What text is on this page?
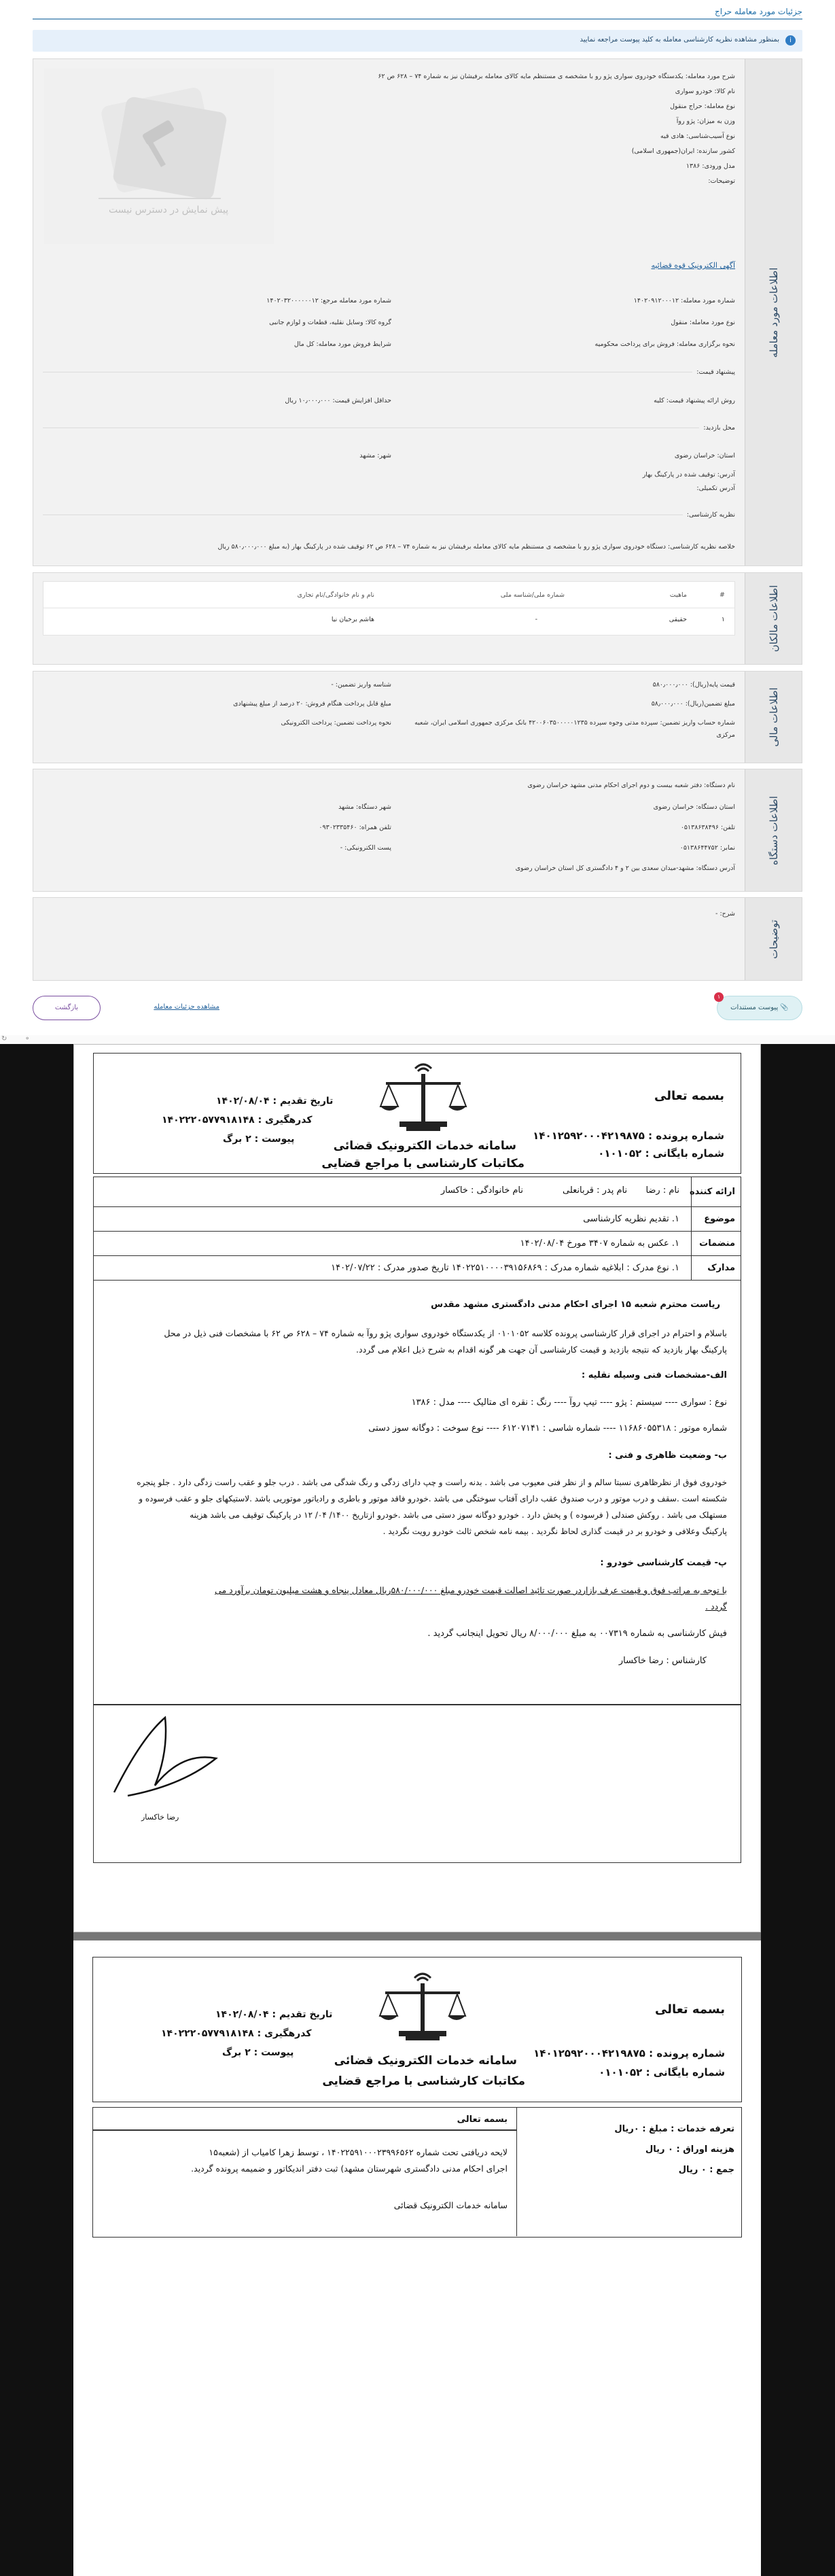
جزئیات مورد معامله حراج
i
بمنظور مشاهده نظریه کارشناسی معامله به کلید پیوست مراجعه نمایید
اطلاعات مورد معامله
پیش نمایش در دسترس نیست
شرح مورد معامله: یکدستگاه خودروی سواری پژو رو با مشخصه ی مستنظم مایه کالای معامله برفیشان نیز به شماره ۷۴ – ۶۲۸ ص ۶۲
نام کالا: خودرو سواری
نوع معامله: حراج منقول
وزن به میزان: پژو روآ
نوع آسیب‌شناسی: هادی قیه
کشور سازنده: ایران(جمهوری اسلامی)
مدل ورودی: ۱۳۸۶
توضیحات:
آگهی الکترونیک قوه قضائیه
شماره مورد معامله: ۱۴۰۲۰۹۱۲۰۰۰۱۲
شماره مورد معامله مرجع: ۱۴۰۲۰۳۲۰۰۰۰۰۰۱۲
نوع مورد معامله: منقول
گروه کالا: وسایل نقلیه، قطعات و لوازم جانبی
نحوه برگزاری معامله: فروش برای پرداخت محکومیه
شرایط فروش مورد معامله: کل مال
پیشنهاد قیمت:
روش ارائه پیشنهاد قیمت: کلیه
حداقل افزایش قیمت: ۱۰٫۰۰۰٫۰۰۰ ریال
محل بازدید:
استان: خراسان رضوی
شهر: مشهد
آدرس: توقیف شده در پارکینگ بهار
آدرس تکمیلی:
نظریه کارشناسی:
خلاصه نظریه کارشناسی: دستگاه خودروی سواری پژو رو با مشخصه ی مستنظم مایه کالای معامله برفیشان نیز به شماره ۷۴ – ۶۲۸ ص ۶۲ توقیف شده در پارکینگ بهار (به مبلغ ۵۸۰٫۰۰۰٫۰۰۰ ریال
اطلاعات مالکان
#
ماهیت
شماره ملی/شناسه ملی
نام و نام خانوادگی/نام تجاری
۱
حقیقی
-
هاشم برخیان نیا
اطلاعات مالی
قیمت پایه(ریال): ۵۸۰٫۰۰۰٫۰۰۰
شناسه واریز تضمین: -
مبلغ تضمین(ریال): ۵۸٫۰۰۰٫۰۰۰
مبلغ قابل پرداخت هنگام فروش: ۲۰ درصد از مبلغ پیشنهادی
شماره حساب واریز تضمین: سپرده مدتی وجوه سپرده ۴۲۰۰۶۰۳۵۰۰۰۰۰۱۲۳۵ بانک مرکزی جمهوری اسلامی ایران، شعبه
نحوه پرداخت تضمین: پرداخت الکترونیکی
مرکزی
اطلاعات دستگاه
نام دستگاه: دفتر شعبه بیست و دوم اجرای احکام مدنی مشهد خراسان رضوی
استان دستگاه: خراسان رضوی
شهر دستگاه: مشهد
تلفن: ۰۵۱۳۸۶۳۸۴۹۶
تلفن همراه: ۰۹۳۰۲۳۳۵۴۶۰
نمابر: ۰۵۱۳۸۶۴۴۷۵۲
پست الکترونیکی: -
آدرس دستگاه: مشهد-میدان سعدی بین ۲ و ۴ دادگستری کل استان خراسان رضوی
توضیحات
شرح: -
📎 پیوست مستندات
۱
مشاهده جزئیات معامله
بازگشت
↻	⚬
بسمه تعالی
شماره پرونده : ۱۴۰۱۲۵۹۲۰۰۰۴۲۱۹۸۷۵
شماره بایگانی : ۰۱۰۱۰۵۲
سامانه خدمات الکترونیک قضائی
مکاتبات کارشناسی با مراجع قضایی
تاریخ تقدیم : ۱۴۰۲/۰۸/۰۴
کدرهگیری : ۱۴۰۲۲۲۰۵۷۷۹۱۸۱۴۸
پیوست : ۲ برگ
ارائه کننده
نام : رضا
نام خانوادگی : خاکسار	نام پدر : قربانعلی
موضوع
۱. تقدیم نظریه کارشناسی
منضمات
۱. عکس به شماره ۳۴۰۷ مورخ ۱۴۰۲/۰۸/۰۴
مدارک
۱. نوع مدرک : ابلاغیه شماره مدرک : ۱۴۰۲۲۵۱۰۰۰۰۳۹۱۵۶۸۶۹ تاریخ صدور مدرک : ۱۴۰۲/۰۷/۲۲
ریاست محترم شعبه ۱۵ اجرای احکام مدنی دادگستری مشهد مقدس
باسلام و احترام در اجرای قرار کارشناسی پرونده کلاسه ۰۱۰۱۰۵۲ از یکدستگاه خودروی سواری پژو روآ به شماره ۷۴ – ۶۲۸ ص ۶۲ با مشخصات فنی ذیل در محل
پارکینگ بهار بازدید که نتیجه بازدید و قیمت کارشناسی آن جهت هر گونه اقدام به شرح ذیل اعلام می گردد.
الف-مشخصات فنی وسیله نقلیه :
نوع : سواری ---- سیستم : پژو ---- تیپ روآ ---- رنگ : نقره ای متالیک ---- مدل : ۱۳۸۶
شماره موتور : ۱۱۶۸۶۰۵۵۳۱۸ ---- شماره شاسی : ۶۱۲۰۷۱۴۱ ---- نوع سوخت : دوگانه سوز دستی
ب- وضعیت ظاهری و فنی :
خودروی فوق از نظرظاهری نسبتا سالم و از نظر فنی معیوب می باشد . بدنه راست و چپ دارای زدگی و رنگ شدگی می باشد . درب جلو و عقب راست زدگی دارد . جلو پنجره
شکسته است .سقف و درب موتور و درب صندوق عقب دارای آفتاب سوختگی می باشد .خودرو فاقد موتور و باطری و رادیاتور موتوریی باشد .لاستیکهای جلو و عقب فرسوده و
مستهلک می باشد . روکش صندلی ( فرسوده ) و پخش دارد . خودرو دوگانه سوز دستی می باشد .خودرو ازتاریخ ۱۴۰۰/ ۰۴/ ۱۲ در پارکینگ توقیف می باشد هزینه
پارکینگ وعلافی و خودرو بر در قیمت گذاری لحاظ نگردید . بیمه نامه شخص ثالث خودرو رویت نگردید .
پ- قیمت کارشناسی خودرو :
با توجه به مراتب فوق و قیمت عرف بازاردر صورت تائید اصالت قیمت خودرو مبلغ ۵۸۰/۰۰۰/۰۰۰ریال معادل پنجاه و هشت میلیون تومان برآورد می
گردد .
فیش کارشناسی به شماره ۰۰۷۳۱۹ به مبلغ ۸/۰۰۰/۰۰۰ ریال تحویل اینجانب گردید .
کارشناس : رضا خاکسار
رضا خاکسار
بسمه تعالی
شماره پرونده : ۱۴۰۱۲۵۹۲۰۰۰۴۲۱۹۸۷۵
شماره بایگانی : ۰۱۰۱۰۵۲
سامانه خدمات الکترونیک قضائی
مکاتبات کارشناسی با مراجع قضایی
تاریخ تقدیم : ۱۴۰۲/۰۸/۰۴
کدرهگیری : ۱۴۰۲۲۲۰۵۷۷۹۱۸۱۴۸
پیوست : ۲ برگ
تعرفه خدمات : مبلغ : ۰ریال
هزینه اوراق : ۰ ریال
جمع : ۰ ریال
بسمه تعالی
لایحه دریافتی تحت شماره ۱۴۰۲۲۵۹۱۰۰۰۲۳۹۹۶۵۶۲ ، توسط زهرا کامیاب از (شعبه۱۵
اجرای احکام مدنی دادگستری شهرستان مشهد) ثبت دفتر اندیکاتور و ضمیمه پرونده گردید.
سامانه خدمات الکترونیک قضائی
